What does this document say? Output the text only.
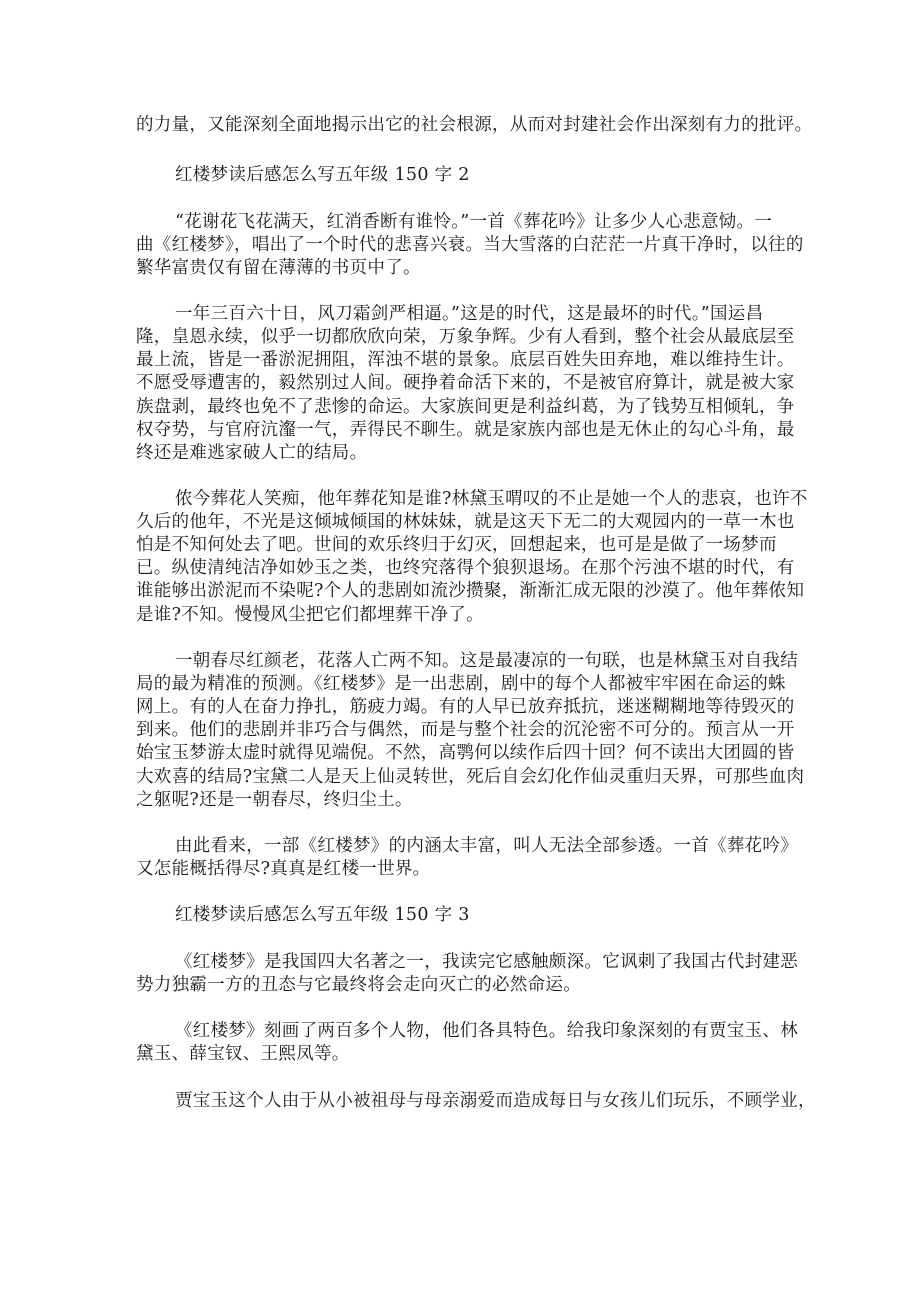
的力量，又能深刻全面地揭示出它的社会根源，从而对封建社会作出深刻有力的批评。
红楼梦读后感怎么写五年级 150 字 2
“花谢花飞花满天，红消香断有谁怜。”一首《葬花吟》让多少人心悲意恸。一
曲《红楼梦》，唱出了一个时代的悲喜兴衰。当大雪落的白茫茫一片真干净时，以往的
繁华富贵仅有留在薄薄的书页中了。
一年三百六十日，风刀霜剑严相逼。”这是的时代，这是最坏的时代。”国运昌
隆，皇恩永续，似乎一切都欣欣向荣，万象争辉。少有人看到，整个社会从最底层至
最上流，皆是一番淤泥拥阻，浑浊不堪的景象。底层百姓失田弃地，难以维持生计。
不愿受辱遭害的，毅然别过人间。硬挣着命活下来的，不是被官府算计，就是被大家
族盘剥，最终也免不了悲惨的命运。大家族间更是利益纠葛，为了钱势互相倾轧，争
权夺势，与官府沆瀣一气，弄得民不聊生。就是家族内部也是无休止的勾心斗角，最
终还是难逃家破人亡的结局。
侬今葬花人笑痴，他年葬花知是谁?林黛玉喟叹的不止是她一个人的悲哀，也许不
久后的他年，不光是这倾城倾国的林妹妹，就是这天下无二的大观园内的一草一木也
怕是不知何处去了吧。世间的欢乐终归于幻灭，回想起来，也可是是做了一场梦而
已。纵使清纯洁净如妙玉之类，也终究落得个狼狈退场。在那个污浊不堪的时代，有
谁能够出淤泥而不染呢?个人的悲剧如流沙攒聚，渐渐汇成无限的沙漠了。他年葬侬知
是谁?不知。慢慢风尘把它们都埋葬干净了。
一朝春尽红颜老，花落人亡两不知。这是最凄凉的一句联，也是林黛玉对自我结
局的最为精准的预测。《红楼梦》是一出悲剧，剧中的每个人都被牢牢困在命运的蛛
网上。有的人在奋力挣扎，筋疲力竭。有的人早已放弃抵抗，迷迷糊糊地等待毁灭的
到来。他们的悲剧并非巧合与偶然，而是与整个社会的沉沦密不可分的。预言从一开
始宝玉梦游太虚时就得见端倪。不然，高鹗何以续作后四十回？何不读出大团圆的皆
大欢喜的结局?宝黛二人是天上仙灵转世，死后自会幻化作仙灵重归天界，可那些血肉
之躯呢?还是一朝春尽，终归尘土。
由此看来，一部《红楼梦》的内涵太丰富，叫人无法全部参透。一首《葬花吟》
又怎能概括得尽?真真是红楼一世界。
红楼梦读后感怎么写五年级 150 字 3
《红楼梦》是我国四大名著之一，我读完它感触颇深。它讽刺了我国古代封建恶
势力独霸一方的丑态与它最终将会走向灭亡的必然命运。
《红楼梦》刻画了两百多个人物，他们各具特色。给我印象深刻的有贾宝玉、林
黛玉、薛宝钗、王熙凤等。
贾宝玉这个人由于从小被祖母与母亲溺爱而造成每日与女孩儿们玩乐，不顾学业，
